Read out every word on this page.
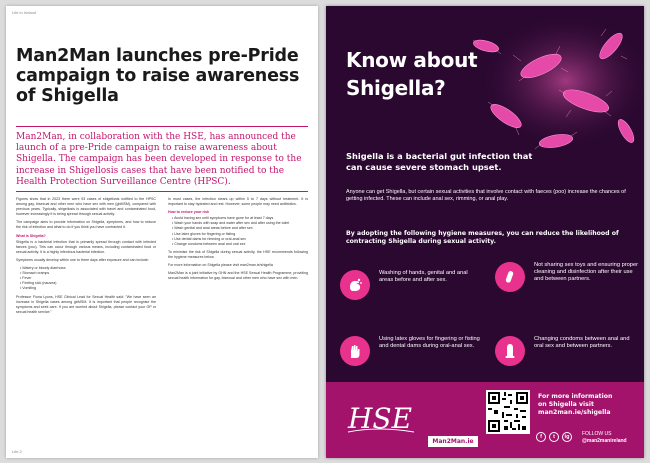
Life in Ireland
Man2Man launches pre-Pride campaign to raise awareness of Shigella

Man2Man, in collaboration with the HSE, has announced the launch of a pre-Pride campaign to raise awareness about Shigella. The campaign has been developed in response to the increase in Shigellosis cases that have been notified to the Health Protection Surveillance Centre (HPSC).

Figures show that in 2023 there were 93 cases of shigellosis notified to the HPSC among gay, bisexual and other men who have sex with men (gbMSM), compared with previous years. Typically, shigellosis is associated with travel and contaminated food, however increasingly it is being spread through sexual activity.

The campaign aims to provide information on Shigella, symptoms, and how to reduce the risk of infection and what to do if you think you have contracted it.

What is Shigella?

Shigella is a bacterial infection that is primarily spread through contact with infected faeces (poo). This can occur through various means, including contaminated food or sexual activity. It is a highly infectious bacterial infection.

Symptoms usually develop within one to three days after exposure and can include:

• Watery or bloody diarrhoea
• Stomach cramps
• Fever
• Feeling sick (nausea)
• Vomiting

Professor Fiona Lyons, HSE Clinical Lead for Sexual Health said: "We have seen an increase in Shigella cases among gbMSM. It is important that people recognise the symptoms and seek care. If you are worried about Shigella, please contact your GP or sexual health service."

In most cases, the infection clears up within 5 to 7 days without treatment. It is important to stay hydrated and rest. However, some people may need antibiotics.

How to reduce your risk

• Avoid having sex until symptoms have gone for at least 7 days
• Wash your hands with soap and water after sex and after using the toilet
• Wash genital and anal areas before and after sex
• Use latex gloves for fingering or fisting
• Use dental dams for rimming or oral-anal sex
• Change condoms between anal and oral sex

To minimise the risk of Shigella during sexual activity, the HSE recommends following the hygiene measures below.

For more information on Shigella please visit man2man.ie/shigella

Man2Man is a joint initiative by GHN and the HSE Sexual Health Programme, providing sexual health information for gay, bisexual and other men who have sex with men.

Life 2
Know about Shigella?

Shigella is a bacterial gut infection that can cause severe stomach upset.

Anyone can get Shigella, but certain sexual activities that involve contact with faeces (poo) increase the chances of getting infected. These can include anal sex, rimming, or anal play.

By adopting the following hygiene measures, you can reduce the likelihood of contracting Shigella during sexual activity.

Washing of hands, genital and anal areas before and after sex.
Not sharing sex toys and ensuring proper cleaning and disinfection after their use and between partners.
Using latex gloves for fingering or fisting and dental dams during oral-anal sex.
Changing condoms between anal and oral sex and between partners.
HSE
Man2Man.ie
For more information
on Shigella visit
man2man.ie/shigella
f	t	ig	FOLLOW US
@man2manireland
